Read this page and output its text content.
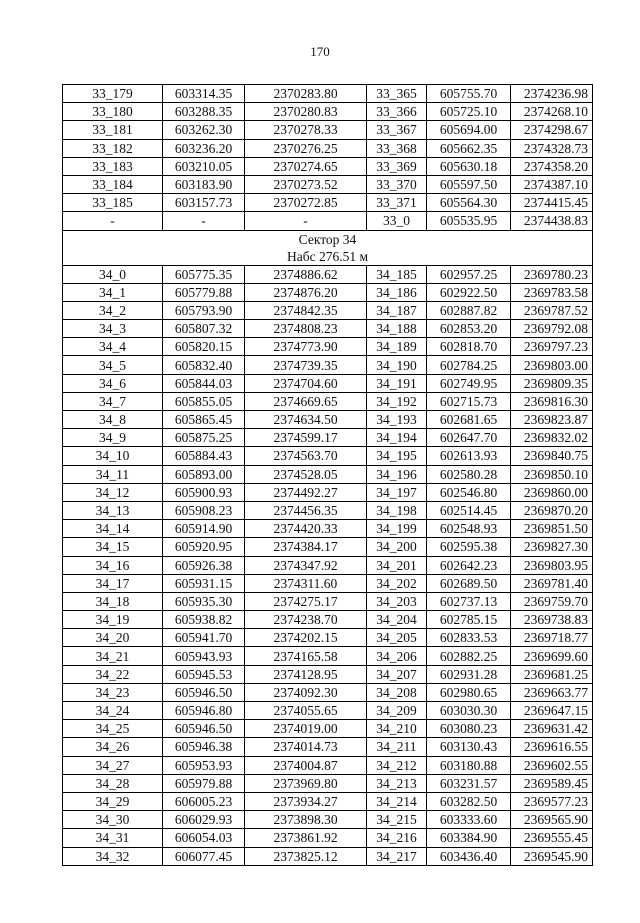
170
33_179	603314.35	2370283.80	33_365	605755.70	2374236.98
33_180	603288.35	2370280.83	33_366	605725.10	2374268.10
33_181	603262.30	2370278.33	33_367	605694.00	2374298.67
33_182	603236.20	2370276.25	33_368	605662.35	2374328.73
33_183	603210.05	2370274.65	33_369	605630.18	2374358.20
33_184	603183.90	2370273.52	33_370	605597.50	2374387.10
33_185	603157.73	2370272.85	33_371	605564.30	2374415.45
-	-	-	33_0	605535.95	2374438.83

Сектор 34
Набс 276.51 м					

34_0	605775.35	2374886.62	34_185	602957.25	2369780.23
34_1	605779.88	2374876.20	34_186	602922.50	2369783.58
34_2	605793.90	2374842.35	34_187	602887.82	2369787.52
34_3	605807.32	2374808.23	34_188	602853.20	2369792.08
34_4	605820.15	2374773.90	34_189	602818.70	2369797.23
34_5	605832.40	2374739.35	34_190	602784.25	2369803.00
34_6	605844.03	2374704.60	34_191	602749.95	2369809.35
34_7	605855.05	2374669.65	34_192	602715.73	2369816.30
34_8	605865.45	2374634.50	34_193	602681.65	2369823.87
34_9	605875.25	2374599.17	34_194	602647.70	2369832.02
34_10	605884.43	2374563.70	34_195	602613.93	2369840.75
34_11	605893.00	2374528.05	34_196	602580.28	2369850.10
34_12	605900.93	2374492.27	34_197	602546.80	2369860.00
34_13	605908.23	2374456.35	34_198	602514.45	2369870.20
34_14	605914.90	2374420.33	34_199	602548.93	2369851.50
34_15	605920.95	2374384.17	34_200	602595.38	2369827.30
34_16	605926.38	2374347.92	34_201	602642.23	2369803.95
34_17	605931.15	2374311.60	34_202	602689.50	2369781.40
34_18	605935.30	2374275.17	34_203	602737.13	2369759.70
34_19	605938.82	2374238.70	34_204	602785.15	2369738.83
34_20	605941.70	2374202.15	34_205	602833.53	2369718.77
34_21	605943.93	2374165.58	34_206	602882.25	2369699.60
34_22	605945.53	2374128.95	34_207	602931.28	2369681.25
34_23	605946.50	2374092.30	34_208	602980.65	2369663.77
34_24	605946.80	2374055.65	34_209	603030.30	2369647.15
34_25	605946.50	2374019.00	34_210	603080.23	2369631.42
34_26	605946.38	2374014.73	34_211	603130.43	2369616.55
34_27	605953.93	2374004.87	34_212	603180.88	2369602.55
34_28	605979.88	2373969.80	34_213	603231.57	2369589.45
34_29	606005.23	2373934.27	34_214	603282.50	2369577.23
34_30	606029.93	2373898.30	34_215	603333.60	2369565.90
34_31	606054.03	2373861.92	34_216	603384.90	2369555.45
34_32	606077.45	2373825.12	34_217	603436.40	2369545.90
